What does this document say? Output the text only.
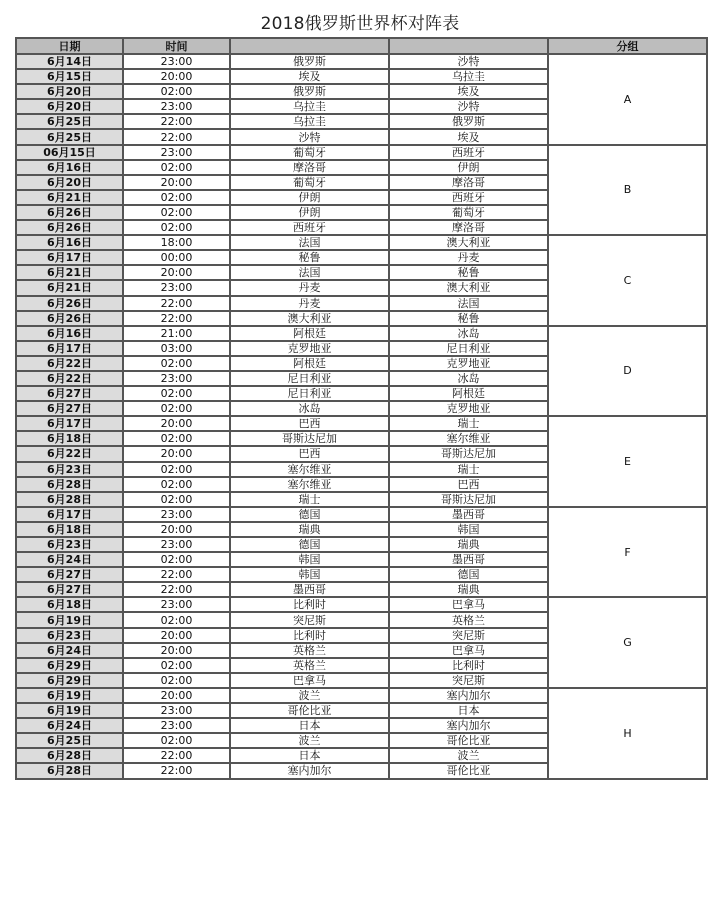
2018俄罗斯世界杯对阵表
日期	时间			分组
6月14日	23:00	俄罗斯	沙特	A
6月15日	20:00	埃及	乌拉圭	
6月20日	02:00	俄罗斯	埃及	
6月20日	23:00	乌拉圭	沙特	
6月25日	22:00	乌拉圭	俄罗斯	
6月25日	22:00	沙特	埃及	
06月15日	23:00	葡萄牙	西班牙	B
6月16日	02:00	摩洛哥	伊朗	
6月20日	20:00	葡萄牙	摩洛哥	
6月21日	02:00	伊朗	西班牙	
6月26日	02:00	伊朗	葡萄牙	
6月26日	02:00	西班牙	摩洛哥	
6月16日	18:00	法国	澳大利亚	C
6月17日	00:00	秘鲁	丹麦	
6月21日	20:00	法国	秘鲁	
6月21日	23:00	丹麦	澳大利亚	
6月26日	22:00	丹麦	法国	
6月26日	22:00	澳大利亚	秘鲁	
6月16日	21:00	阿根廷	冰岛	D
6月17日	03:00	克罗地亚	尼日利亚	
6月22日	02:00	阿根廷	克罗地亚	
6月22日	23:00	尼日利亚	冰岛	
6月27日	02:00	尼日利亚	阿根廷	
6月27日	02:00	冰岛	克罗地亚	
6月17日	20:00	巴西	瑞士	E
6月18日	02:00	哥斯达尼加	塞尔维亚	
6月22日	20:00	巴西	哥斯达尼加	
6月23日	02:00	塞尔维亚	瑞士	
6月28日	02:00	塞尔维亚	巴西	
6月28日	02:00	瑞士	哥斯达尼加	
6月17日	23:00	德国	墨西哥	F
6月18日	20:00	瑞典	韩国	
6月23日	23:00	德国	瑞典	
6月24日	02:00	韩国	墨西哥	
6月27日	22:00	韩国	德国	
6月27日	22:00	墨西哥	瑞典	
6月18日	23:00	比利时	巴拿马	G
6月19日	02:00	突尼斯	英格兰	
6月23日	20:00	比利时	突尼斯	
6月24日	20:00	英格兰	巴拿马	
6月29日	02:00	英格兰	比利时	
6月29日	02:00	巴拿马	突尼斯	
6月19日	20:00	波兰	塞内加尔	H
6月19日	23:00	哥伦比亚	日本	
6月24日	23:00	日本	塞内加尔	
6月25日	02:00	波兰	哥伦比亚	
6月28日	22:00	日本	波兰	
6月28日	22:00	塞内加尔	哥伦比亚	
